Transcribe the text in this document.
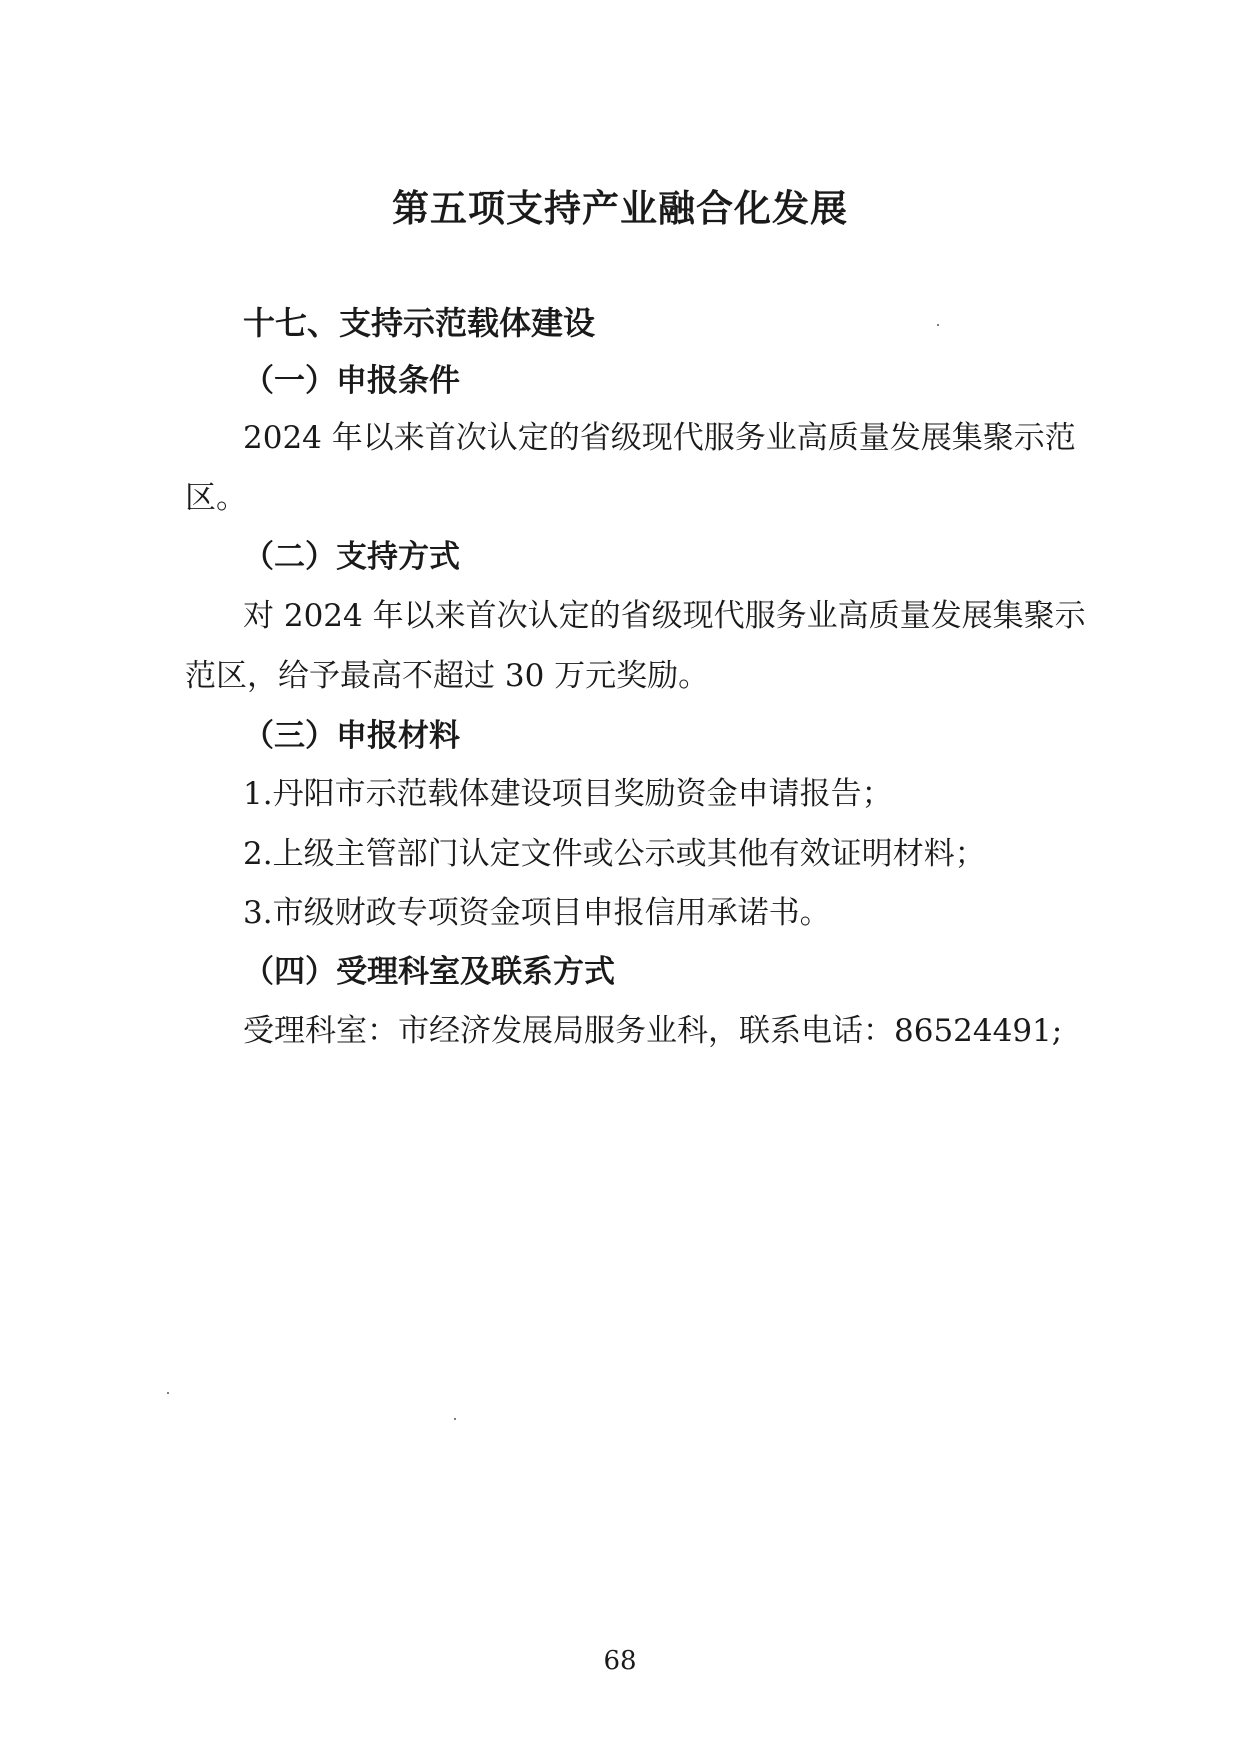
第五项支持产业融合化发展
十七、支持示范载体建设
（一）申报条件
2024 年以来首次认定的省级现代服务业高质量发展集聚示范
区。
（二）支持方式
对 2024 年以来首次认定的省级现代服务业高质量发展集聚示
范区，给予最高不超过 30 万元奖励。
（三）申报材料
1.丹阳市示范载体建设项目奖励资金申请报告；
2.上级主管部门认定文件或公示或其他有效证明材料；
3.市级财政专项资金项目申报信用承诺书。
（四）受理科室及联系方式
受理科室：市经济发展局服务业科，联系电话：86524491;
68
